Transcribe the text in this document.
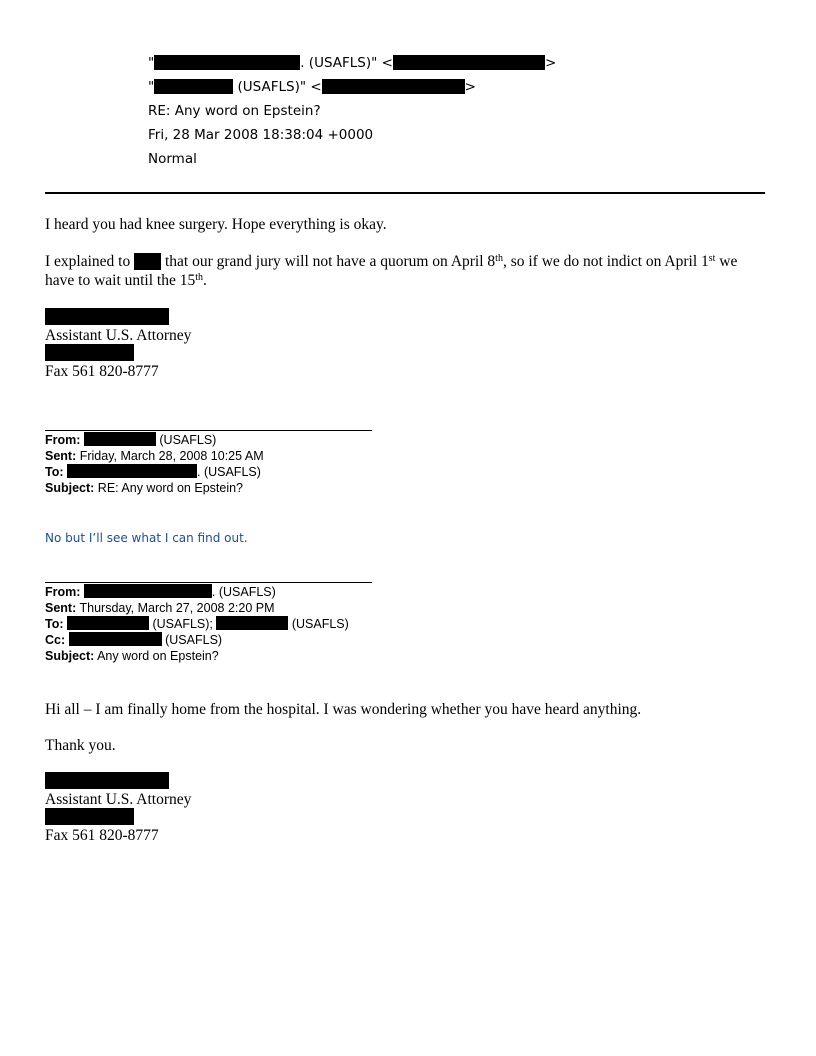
"	. (USAFLS)" <	>
"	(USAFLS)" <	>
RE: Any word on Epstein?
Fri, 28 Mar 2008 18:38:04 +0000
Normal
I heard you had knee surgery. Hope everything is okay.
I explained to  that our grand jury will not have a quorum on April 8th, so if we do not indict on April 1st we have to wait until the 15th.
Assistant U.S. Attorney
Fax 561 820-8777
From:	(USAFLS)
Sent: Friday, March 28, 2008 10:25 AM
To:	. (USAFLS)
Subject: RE: Any word on Epstein?
No but I’ll see what I can find out.
From:	. (USAFLS)
Sent: Thursday, March 27, 2008 2:20 PM
To:	(USAFLS);	(USAFLS)
Cc:	(USAFLS)
Subject: Any word on Epstein?
Hi all – I am finally home from the hospital. I was wondering whether you have heard anything.
Thank you.
Assistant U.S. Attorney
Fax 561 820-8777
